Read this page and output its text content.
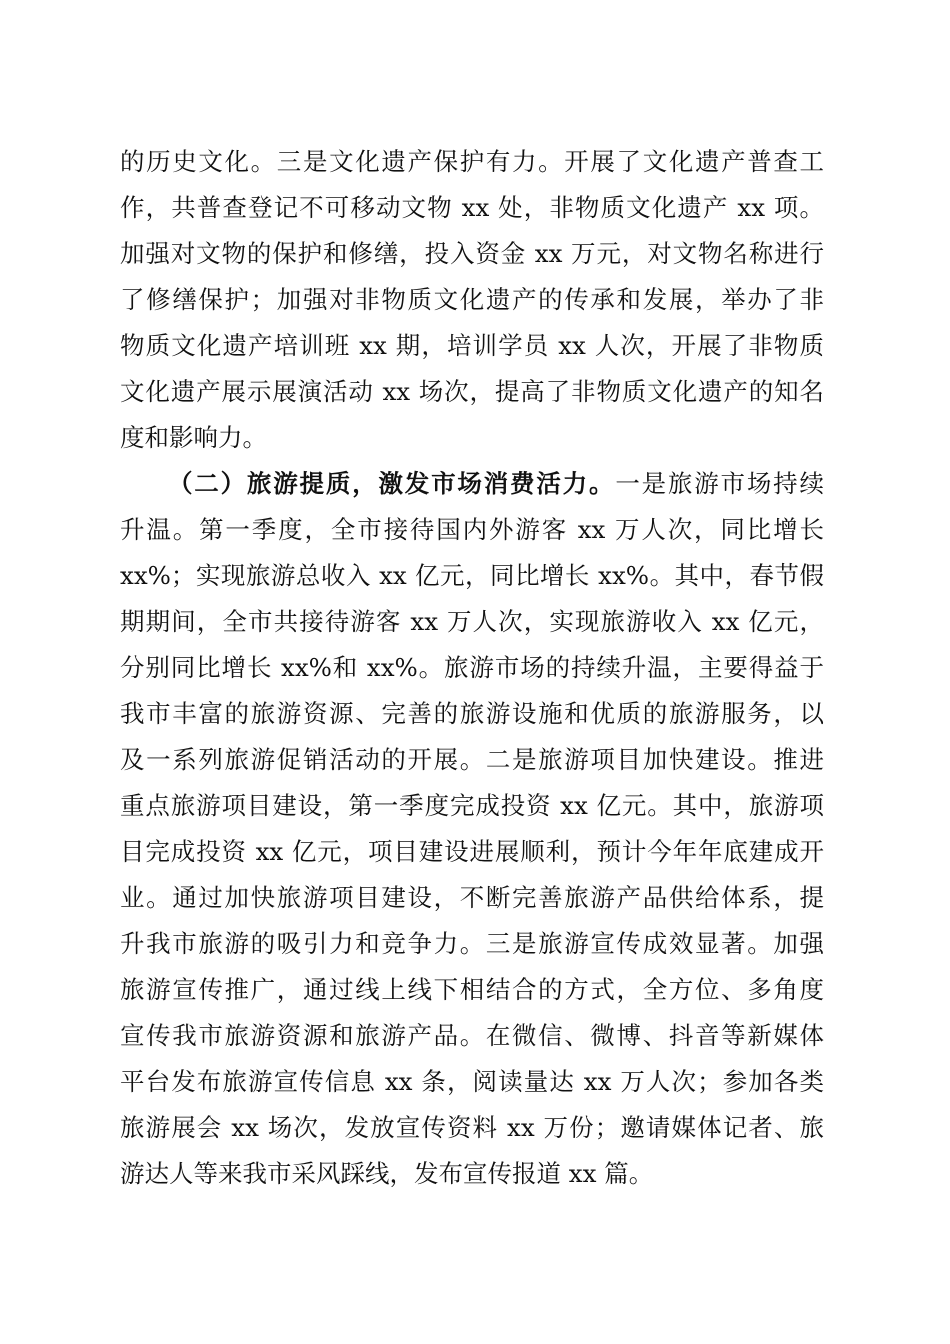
的历史文化。三是文化遗产保护有力。开展了文化遗产普查工
作，共普查登记不可移动文物 xx 处，非物质文化遗产 xx 项。
加强对文物的保护和修缮，投入资金 xx 万元，对文物名称进行
了修缮保护；加强对非物质文化遗产的传承和发展，举办了非
物质文化遗产培训班 xx 期，培训学员 xx 人次，开展了非物质
文化遗产展示展演活动 xx 场次，提高了非物质文化遗产的知名
度和影响力。
（二）旅游提质，激发市场消费活力。一是旅游市场持续
升温。第一季度，全市接待国内外游客 xx 万人次，同比增长
xx%；实现旅游总收入 xx 亿元，同比增长 xx%。其中，春节假
期期间，全市共接待游客 xx 万人次，实现旅游收入 xx 亿元，
分别同比增长 xx%和 xx%。旅游市场的持续升温，主要得益于
我市丰富的旅游资源、完善的旅游设施和优质的旅游服务，以
及一系列旅游促销活动的开展。二是旅游项目加快建设。推进
重点旅游项目建设，第一季度完成投资 xx 亿元。其中，旅游项
目完成投资 xx 亿元，项目建设进展顺利，预计今年年底建成开
业。通过加快旅游项目建设，不断完善旅游产品供给体系，提
升我市旅游的吸引力和竞争力。三是旅游宣传成效显著。加强
旅游宣传推广，通过线上线下相结合的方式，全方位、多角度
宣传我市旅游资源和旅游产品。在微信、微博、抖音等新媒体
平台发布旅游宣传信息 xx 条，阅读量达 xx 万人次；参加各类
旅游展会 xx 场次，发放宣传资料 xx 万份；邀请媒体记者、旅
游达人等来我市采风踩线，发布宣传报道 xx 篇。
